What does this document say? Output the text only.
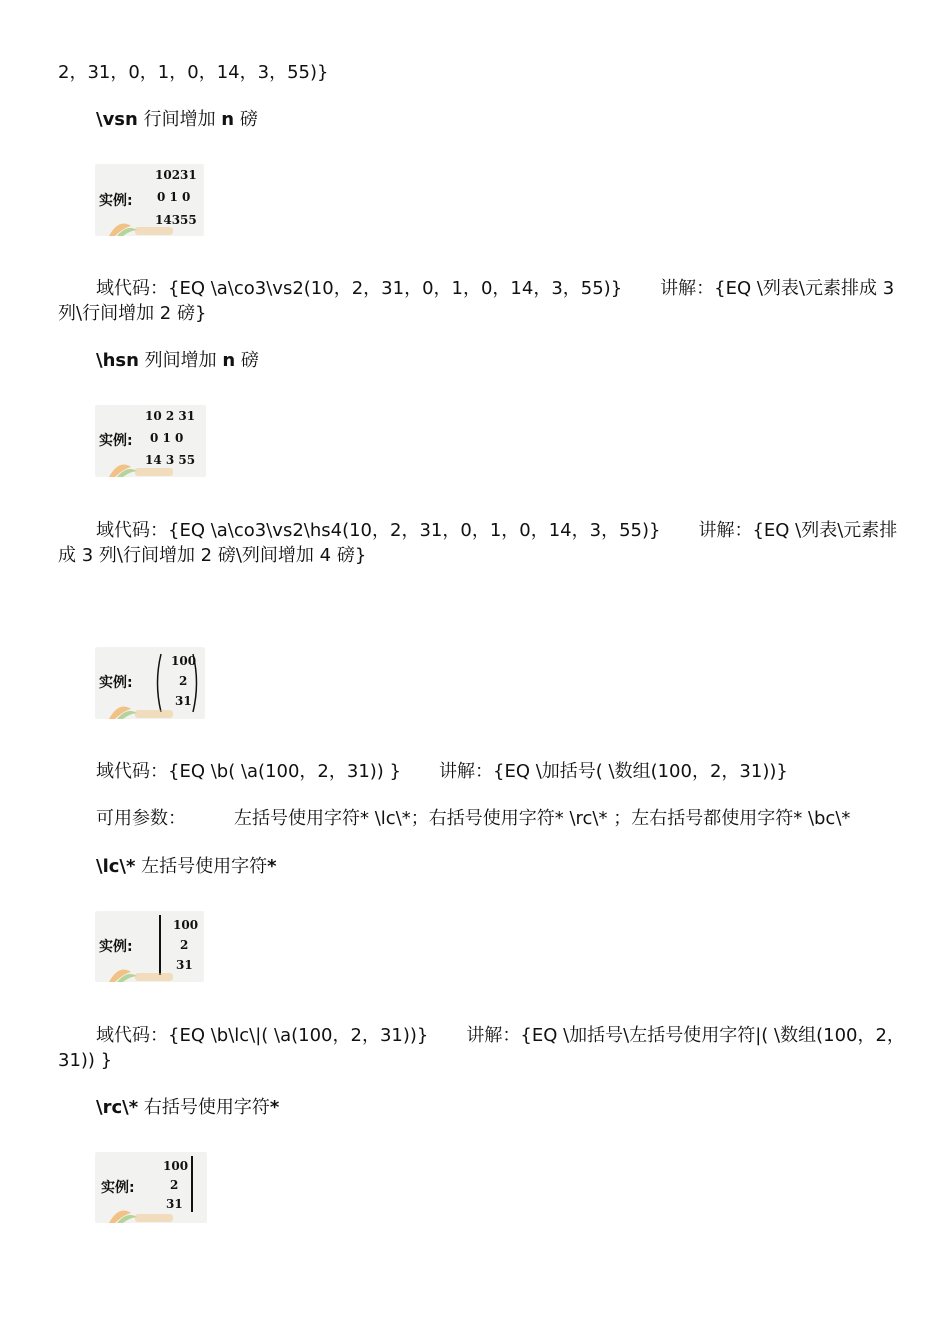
2，31，0，1，0，14，3，55)}
\vsn 行间增加 n 磅
实例:
10231
0 1 0
14355
域代码：{EQ \a\co3\vs2(10，2，31，0，1，0，14，3，55)} 讲解：{EQ \列表\元素排成 3
列\行间增加 2 磅}
\hsn 列间增加 n 磅
实例:
10 2 31
0 1 0
14 3 55
域代码：{EQ \a\co3\vs2\hs4(10，2，31，0，1，0，14，3，55)} 讲解：{EQ \列表\元素排
成 3 列\行间增加 2 磅\列间增加 4 磅}
实例:
100
2
31
域代码：{EQ \b( \a(100，2，31)) } 讲解：{EQ \加括号( \数组(100，2，31))}
可用参数：	左括号使用字符* \lc\*；右括号使用字符* \rc\* ；左右括号都使用字符* \bc\*
\lc\* 左括号使用字符*
实例:
100
2
31
域代码：{EQ \b\lc\|( \a(100，2，31))} 讲解：{EQ \加括号\左括号使用字符|( \数组(100，2，
31)) }
\rc\* 右括号使用字符*
实例:
100
2
31
